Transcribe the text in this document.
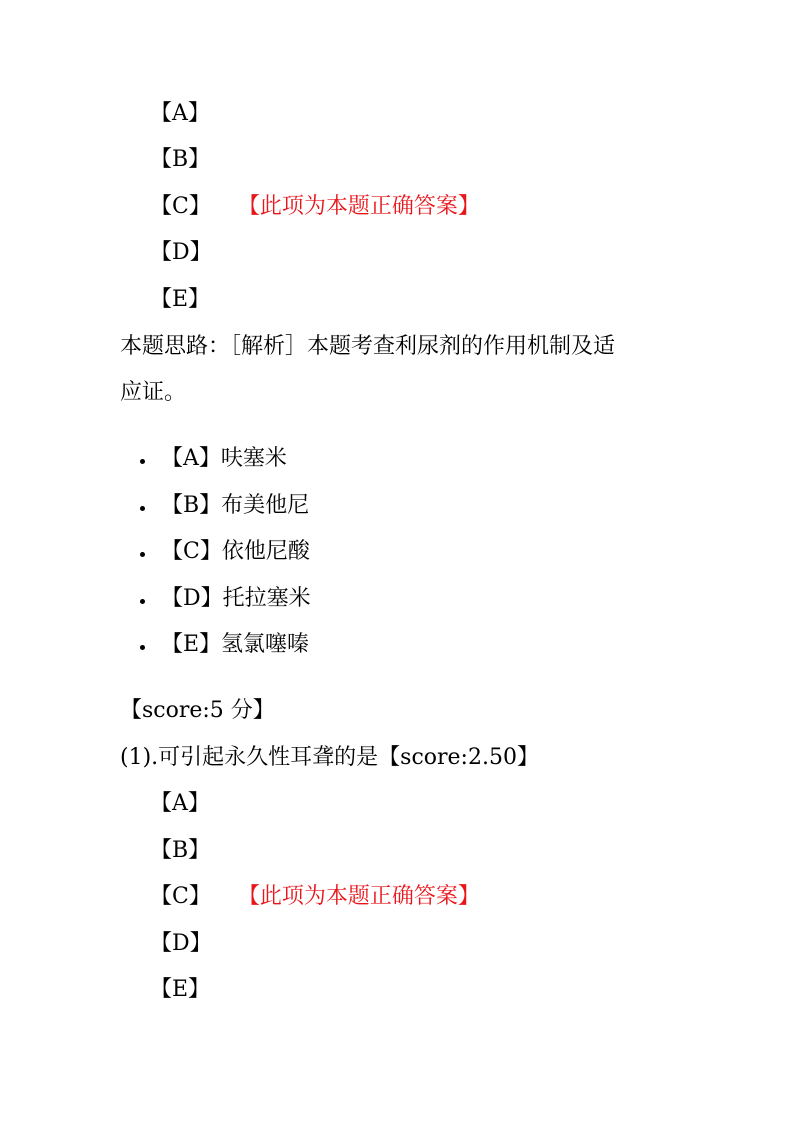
【A】
【B】
【C】 【此项为本题正确答案】
【D】
【E】
本题思路：［解析］本题考查利尿剂的作用机制及适
应证。
【A】呋塞米
【B】布美他尼
【C】依他尼酸
【D】托拉塞米
【E】氢氯噻嗪
【score:5 分】
(1).可引起永久性耳聋的是【score:2.50】
【A】
【B】
【C】 【此项为本题正确答案】
【D】
【E】
